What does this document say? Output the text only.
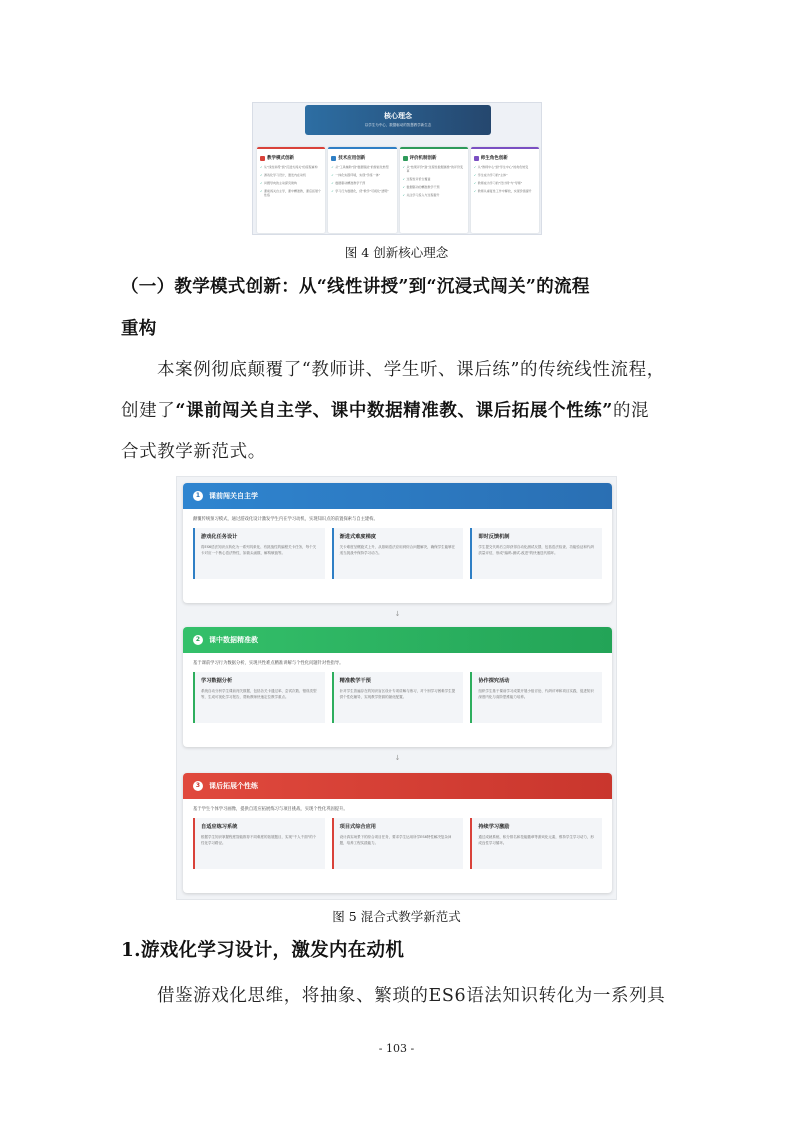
核心理念
以学生为中心，数据驱动的智慧教学新生态
教学模式创新
✓ 从"线性讲授"到"沉浸式闯关"的流程重构
✓ 游戏化学习设计，激发内在动机
✓ 问题导向的主动探究建构
✓ 课前闯关自主学，课中精准教，课后拓展个性练
技术应用创新
✓ 从"工具辅助"到"数据赋能"的智能化转型
✓ 一体化实践环境，实现"学练一体"
✓ 数据驱动精准教学干预
✓ 学习行为数据化，使"教学"可视化"透明"
评价机制创新
✓ 从"结果评价"到"过程性数据画像"的评价变革
✓ 过程性评价全覆盖
✓ 数据驱动的精准教学干预
✓ 关注学习投入与过程提升
师生角色创新
✓ 从"教师中心"到"学生中心"的角色转变
✓ 学生成为学习的"主体"
✓ 教师成为学习的"设计师"与"导师"
✓ 教师从重复性工作中解放，实现价值提升
图 4 创新核心理念
（一）教学模式创新：从“线性讲授”到“沉浸式闯关”的流程
重构
本案例彻底颠覆了“教师讲、学生听、课后练”的传统线性流程，
创建了“课前闯关自主学、课中数据精准教、课后拓展个性练”的混
合式教学新范式。
1	课前闯关自主学
颠覆传统预习模式，通过游戏化设计激发学生内在学习动机，实现知识点的前置探索与自主建构。
游戏化任务设计
将ES6语法知识点转化为一系列具象化、有挑战性的编程关卡任务，每个关卡对应一个核心语法特性，如箭头函数、解构赋值等。
渐进式难度梯度
关卡难度呈螺旋式上升，从基础语法应用到综合问题解决，确保学生能够在适当挑战中保持学习动力。
即时反馈机制
学生提交代码后立即获得自动化测试反馈，包括语法检查、功能验证和代码质量评估，形成"编码-测试-改进"的快速迭代循环。
↓
2	课中数据精准教
基于课前学习行为数据分析，实现共性难点精准讲解与个性化问题针对性指导。
学习数据分析
系统自动分析学生课前闯关数据，包括各关卡通过率、尝试次数、错误类型等，生成可视化学习报告，帮助教师快速定位教学重点。
精准教学干预
针对学生普遍存在的知识盲区设计专项讲解与练习，对个别学习困难学生提供个性化辅导，实现教学资源的最优配置。
协作探究活动
组织学生基于课前学习成果开展小组讨论、代码评审和项目实践，促进知识深度内化与高阶思维能力培养。
↓
3	课后拓展个性练
基于学生个体学习画像，提供自适应拓展练习与项目挑战，实现个性化巩固提升。
自适应练习系统
根据学生知识掌握程度智能推荐不同难度的拓展题目，实现"千人千面"的个性化学习路径。
项目式综合应用
设计真实场景下的综合项目任务，要求学生运用所学ES6特性解决复杂问题，培养工程实践能力。
持续学习激励
通过成就系统、积分排名和技能徽章等游戏化元素，维持学生学习动力，形成良性学习循环。
图 5 混合式教学新范式
1.游戏化学习设计，激发内在动机
借鉴游戏化思维，将抽象、繁琐的ES6语法知识转化为一系列具
- 103 -
